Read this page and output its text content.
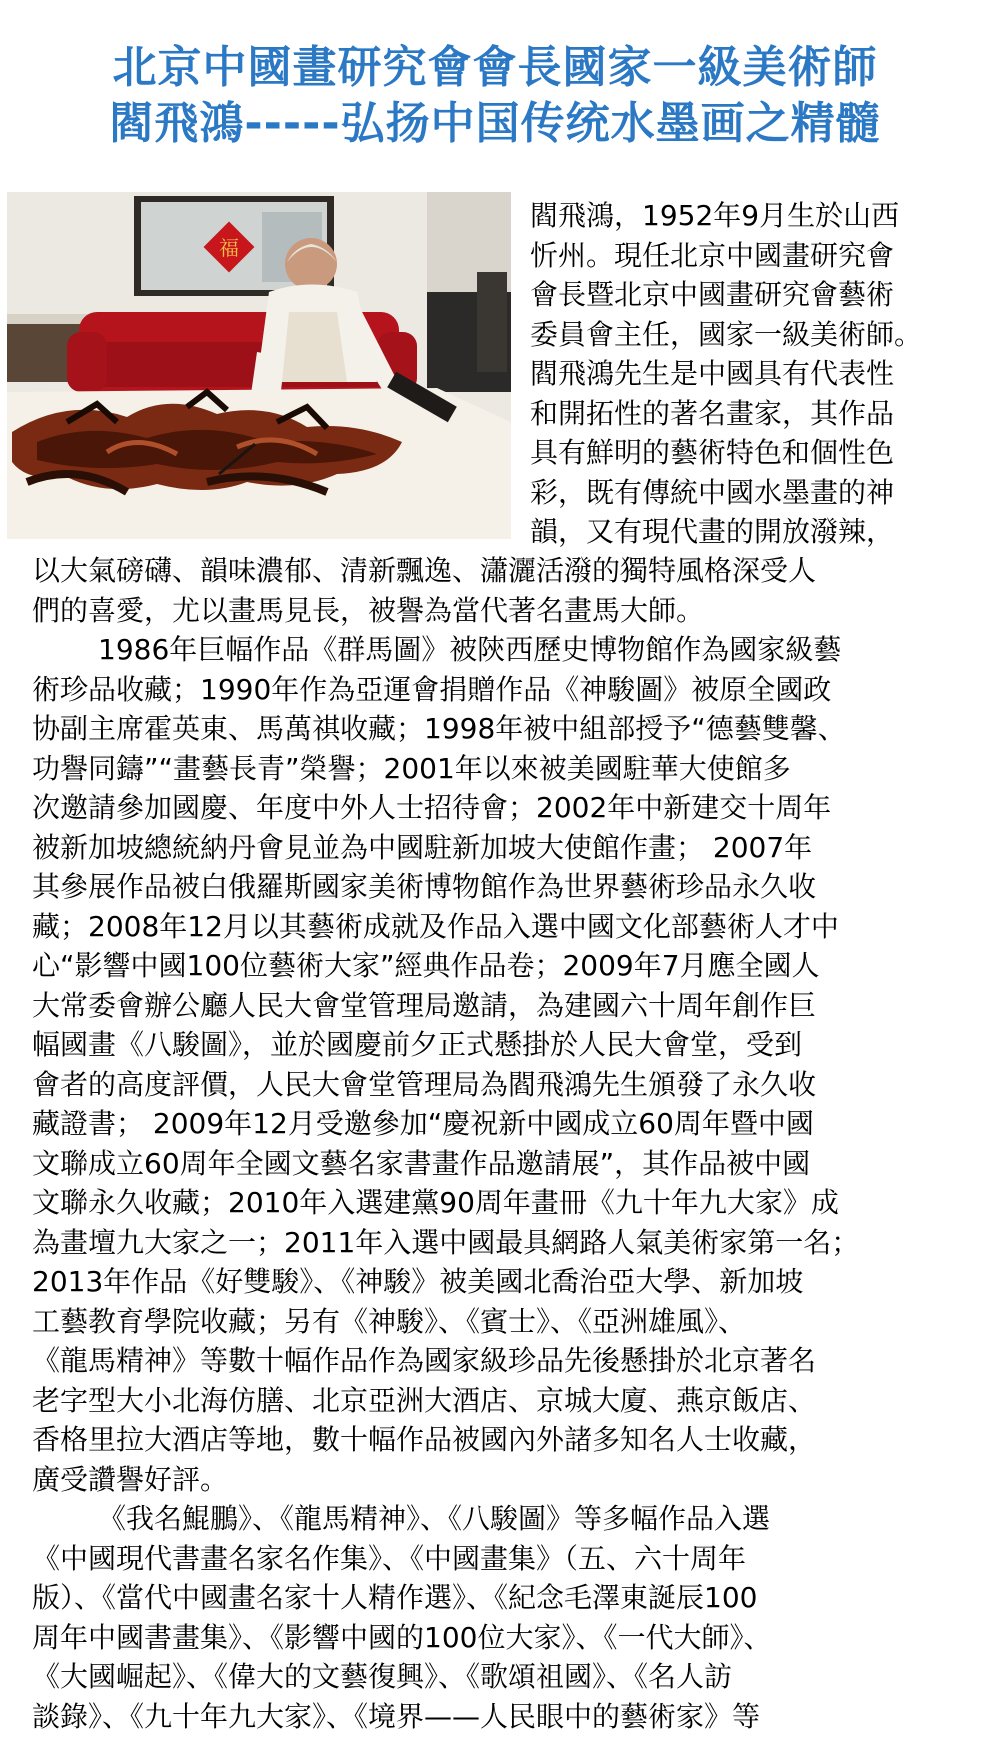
北京中國畫研究會會長國家一級美術師
閻飛鴻-----弘扬中国传统水墨画之精髓
福
閻飛鴻，1952年9月生於山西
忻州。現任北京中國畫研究會
會長暨北京中國畫研究會藝術
委員會主任，國家一級美術師。
閻飛鴻先生是中國具有代表性
和開拓性的著名畫家，其作品
具有鮮明的藝術特色和個性色
彩，既有傳統中國水墨畫的神
韻，又有現代畫的開放潑辣，
以大氣磅礴、韻味濃郁、清新飄逸、瀟灑活潑的獨特風格深受人
們的喜愛，尤以畫馬見長，被譽為當代著名畫馬大師。
1986年巨幅作品《群馬圖》被陝西歷史博物館作為國家級藝
術珍品收藏；1990年作為亞運會捐贈作品《神駿圖》被原全國政
协副主席霍英東、馬萬祺收藏；1998年被中組部授予“德藝雙馨、
功譽同鑄”“畫藝長青”榮譽；2001年以來被美國駐華大使館多
次邀請參加國慶、年度中外人士招待會；2002年中新建交十周年
被新加坡總統納丹會見並為中國駐新加坡大使館作畫； 2007年
其參展作品被白俄羅斯國家美術博物館作為世界藝術珍品永久收
藏；2008年12月以其藝術成就及作品入選中國文化部藝術人才中
心“影響中國100位藝術大家”經典作品卷；2009年7月應全國人
大常委會辦公廳人民大會堂管理局邀請，為建國六十周年創作巨
幅國畫《八駿圖》，並於國慶前夕正式懸掛於人民大會堂，受到
會者的高度評價，人民大會堂管理局為閻飛鴻先生頒發了永久收
藏證書； 2009年12月受邀參加“慶祝新中國成立60周年暨中國
文聯成立60周年全國文藝名家書畫作品邀請展”，其作品被中國
文聯永久收藏；2010年入選建黨90周年畫冊《九十年九大家》成
為畫壇九大家之一；2011年入選中國最具網路人氣美術家第一名；
2013年作品《好雙駿》、《神駿》被美國北喬治亞大學、新加坡
工藝教育學院收藏；另有《神駿》、《賓士》、《亞洲雄風》、
《龍馬精神》等數十幅作品作為國家級珍品先後懸掛於北京著名
老字型大小北海仿膳、北京亞洲大酒店、京城大廈、燕京飯店、
香格里拉大酒店等地，數十幅作品被國內外諸多知名人士收藏，
廣受讚譽好評。
《我名鯤鵬》、《龍馬精神》、《八駿圖》等多幅作品入選
《中國現代書畫名家名作集》、《中國畫集》（五、六十周年
版）、《當代中國畫名家十人精作選》、《紀念毛澤東誕辰100
周年中國書畫集》、《影響中國的100位大家》、《一代大師》、
《大國崛起》、《偉大的文藝復興》、《歌頌祖國》、《名人訪
談錄》、《九十年九大家》、《境界——人民眼中的藝術家》等
